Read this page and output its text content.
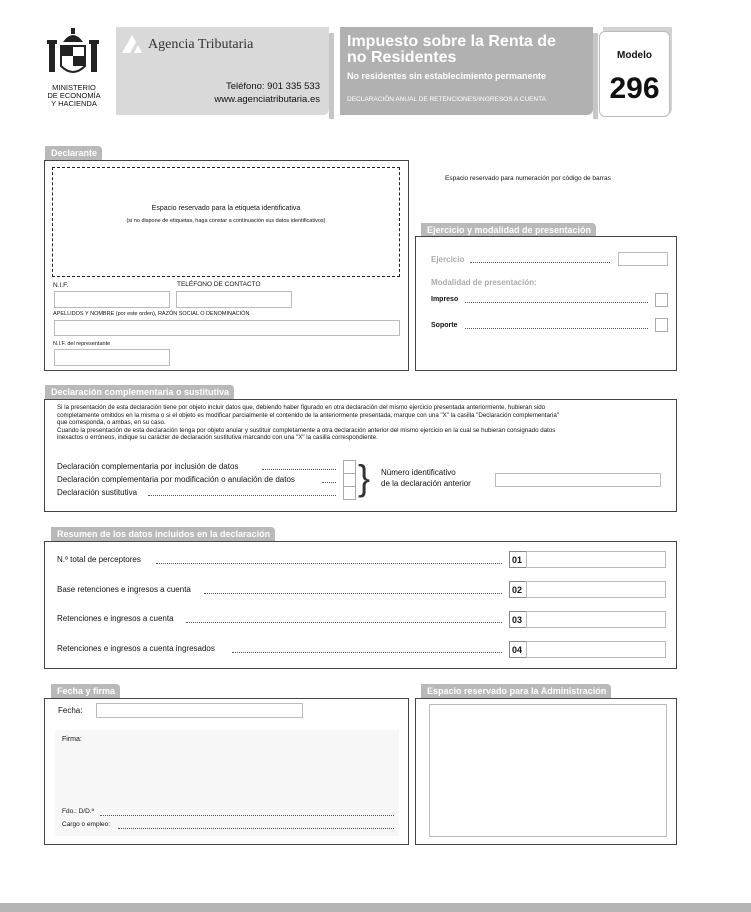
MINISTERIO
DE ECONOMÍA
Y HACIENDA
Agencia Tributaria
Teléfono: 901 335 533
www.agenciatributaria.es
Impuesto sobre la Renta de
no Residentes
No residentes sin establecimiento permanente
DECLARACIÓN ANUAL DE RETENCIONES/INGRESOS A CUENTA
Modelo
296
Declarante
Espacio reservado para la etiqueta identificativa
(si no dispone de etiquetas, haga constar a continuación sus datos identificativos)
N.I.F.	TELÉFONO DE CONTACTO
APELLIDOS Y NOMBRE (por este orden), RAZÓN SOCIAL O DENOMINACIÓN
N.I.F. del representante
Espacio reservado para numeración por código de barras
Ejercicio y modalidad de presentación
Ejercicio
Modalidad de presentación:
Impreso
Soporte
Declaración complementaria o sustitutiva
Si la presentación de esta declaración tiene por objeto incluir datos que, debiendo haber figurado en otra declaración del mismo ejercicio presentada anteriormente, hubieran sido
completamente omitidos en la misma o si el objeto es modificar parcialmente el contenido de la anteriormente presentada, marque con una "X" la casilla "Declaración complementaria"
que corresponda, o ambas, en su caso.
Cuando la presentación de esta declaración tenga por objeto anular y sustituir completamente a otra declaración anterior del mismo ejercicio en la cual se hubieran consignado datos
inexactos o erróneos, indique su carácter de declaración sustitutiva marcando con una "X" la casilla correspondiente.
Declaración complementaria por inclusión de datos
Declaración complementaria por modificación o anulación de datos
Declaración sustitutiva	} Número identificativo
de la declaración anterior
Resumen de los datos incluidos en la declaración
N.º total de perceptores	01
Base retenciones e ingresos a cuenta	02
Retenciones e ingresos a cuenta	03
Retenciones e ingresos a cuenta ingresados	04
Fecha y firma
Fecha:
Firma:
Fdo.: D/D.ª
Cargo o empleo:
Espacio reservado para la Administración
